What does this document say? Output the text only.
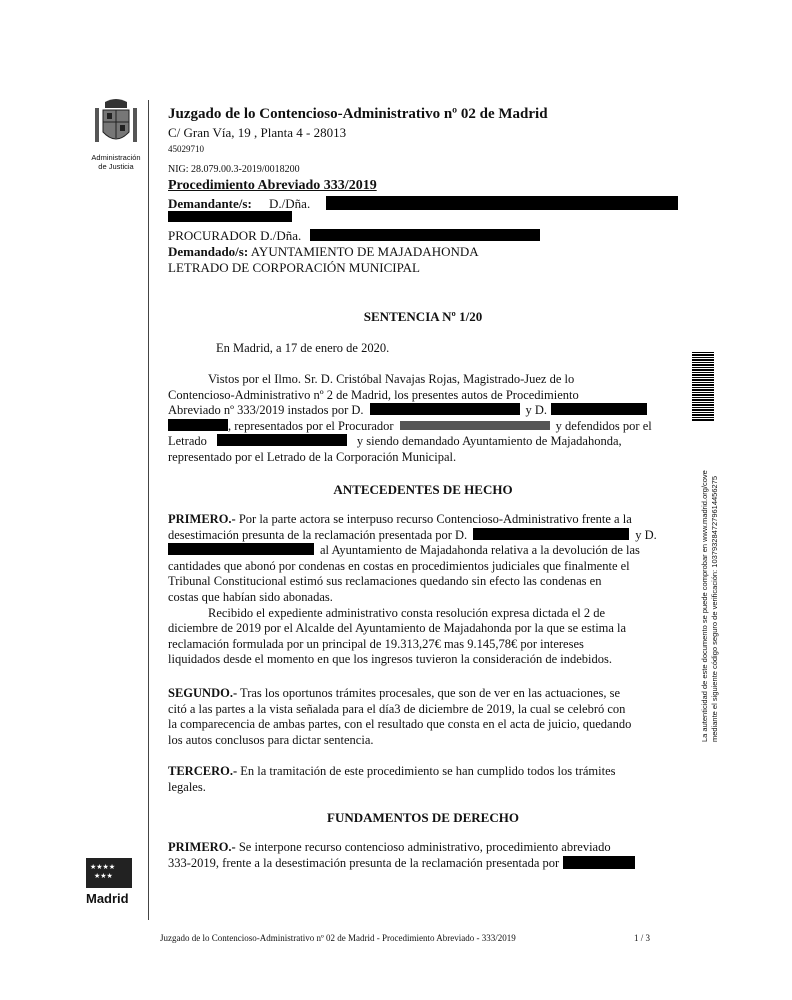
Administración
de Justicia
Juzgado de lo Contencioso-Administrativo nº 02 de Madrid
C/ Gran Vía, 19 , Planta 4 - 28013
45029710
NIG: 28.079.00.3-2019/0018200
Procedimiento Abreviado 333/2019
Demandante/s: D./Dña.
PROCURADOR D./Dña.
Demandado/s: AYUNTAMIENTO DE MAJADAHONDA
LETRADO DE CORPORACIÓN MUNICIPAL
SENTENCIA Nº 1/20
En Madrid, a 17 de enero de 2020.
Vistos por el Ilmo. Sr. D. Cristóbal Navajas Rojas, Magistrado-Juez de lo
Contencioso-Administrativo nº 2 de Madrid, los presentes autos de Procedimiento
Abreviado nº 333/2019 instados por D.	y D.
, representados por el Procurador	y defendidos por el
Letrado	y siendo demandado Ayuntamiento de Majadahonda,
representado por el Letrado de la Corporación Municipal.
ANTECEDENTES DE HECHO
PRIMERO.- Por la parte actora se interpuso recurso Contencioso-Administrativo frente a la
desestimación presunta de la reclamación presentada por D.	y D.
al Ayuntamiento de Majadahonda relativa a la devolución de las
cantidades que abonó por condenas en costas en procedimientos judiciales que finalmente el
Tribunal Constitucional estimó sus reclamaciones quedando sin efecto las condenas en
costas que habían sido abonadas.
Recibido el expediente administrativo consta resolución expresa dictada el 2 de
diciembre de 2019 por el Alcalde del Ayuntamiento de Majadahonda por la que se estima la
reclamación formulada por un principal de 19.313,27€ mas 9.145,78€ por intereses
liquidados desde el momento en que los ingresos tuvieron la consideración de indebidos.
SEGUNDO.- Tras los oportunos trámites procesales, que son de ver en las actuaciones, se
citó a las partes a la vista señalada para el día3 de diciembre de 2019, la cual se celebró con
la comparecencia de ambas partes, con el resultado que consta en el acta de juicio, quedando
los autos conclusos para dictar sentencia.
TERCERO.- En la tramitación de este procedimiento se han cumplido todos los trámites
legales.
FUNDAMENTOS DE DERECHO
PRIMERO.- Se interpone recurso contencioso administrativo, procedimiento abreviado
333-2019, frente a la desestimación presunta de la reclamación presentada por
La autenticidad de este documento se puede comprobar en www.madrid.org/cove mediante el siguiente código seguro de verificación: 1037932847279614456275
★★★★
★★★
Madrid
Juzgado de lo Contencioso-Administrativo nº 02 de Madrid - Procedimiento Abreviado - 333/2019	1 / 3
